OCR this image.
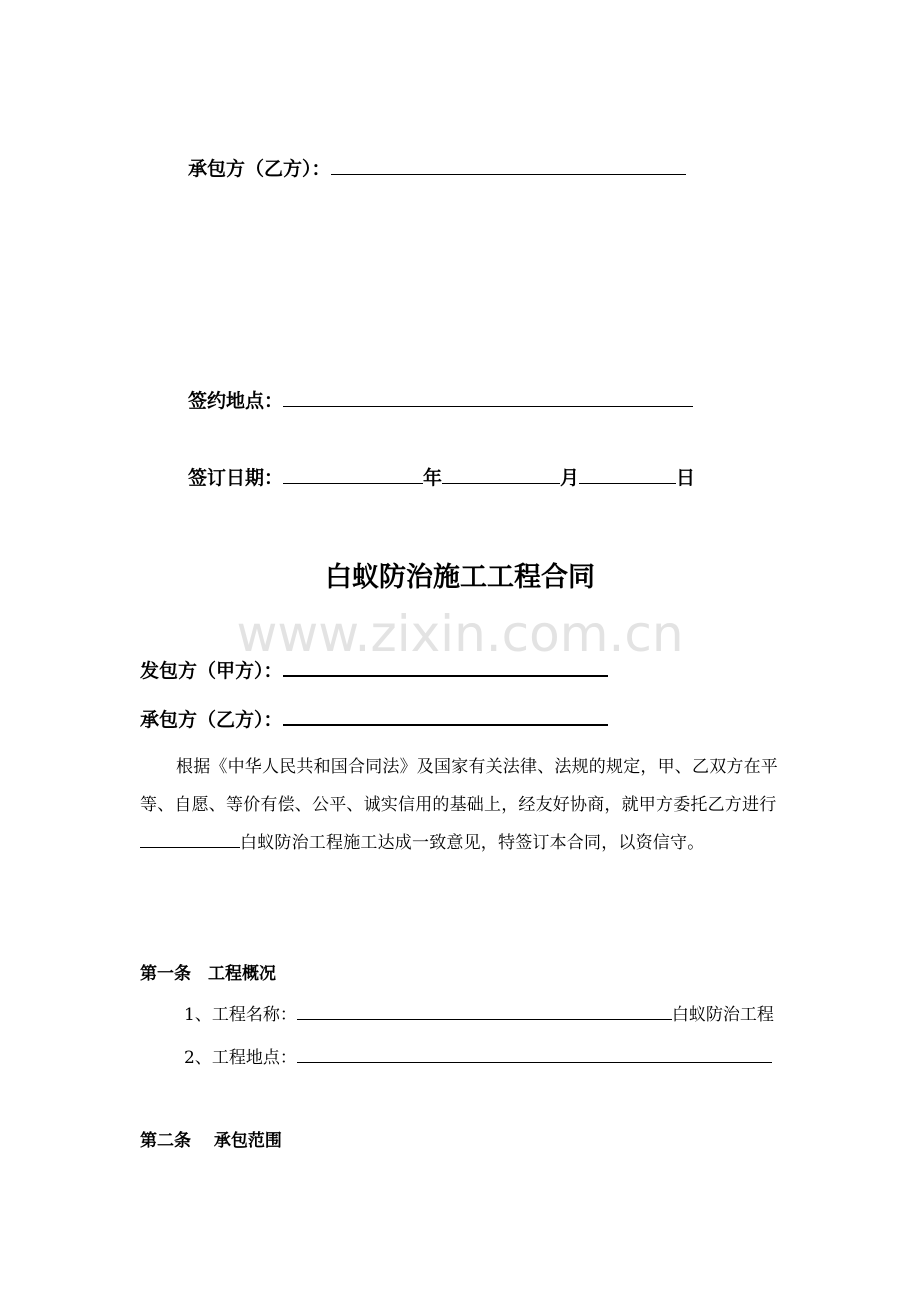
承包方（乙方）：
签约地点：
签订日期：	年	月	日
白蚁防治施工工程合同
www.zixin.com.cn
发包方（甲方）：
承包方（乙方）：
根据《中华人民共和国合同法》及国家有关法律、法规的规定，甲、乙双方在平等、自愿、等价有偿、公平、诚实信用的基础上，经友好协商，就甲方委托乙方进行白蚁防治工程施工达成一致意见，特签订本合同，以资信守。
第一条　工程概况
1、工程名称：	白蚁防治工程
2、工程地点：
第二条　 承包范围
